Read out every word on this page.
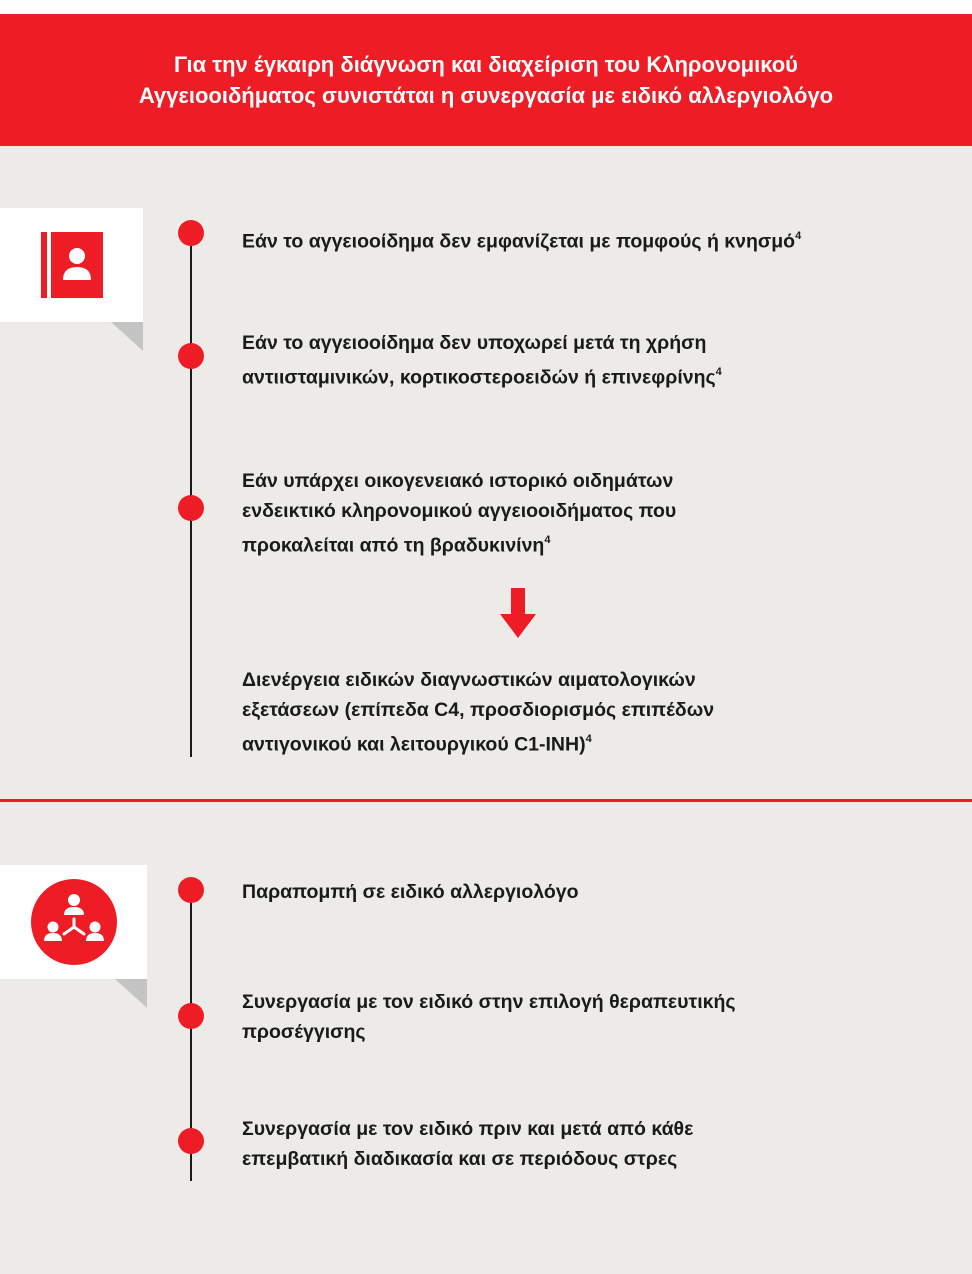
Για την έγκαιρη διάγνωση και διαχείριση του Κληρονομικού
Αγγειοοιδήματος συνιστάται η συνεργασία με ειδικό αλλεργιολόγο
Εάν το αγγειοοίδημα δεν εμφανίζεται με πομφούς ή κνησμό$^4$
Εάν το αγγειοοίδημα δεν υποχωρεί μετά τη χρήση
αντιισταμινικών, κορτικοστεροειδών ή επινεφρίνης$^4$
Εάν υπάρχει οικογενειακό ιστορικό οιδημάτων
ενδεικτικό κληρονομικού αγγειοοιδήματος που
προκαλείται από τη βραδυκινίνη$^4$
Διενέργεια ειδικών διαγνωστικών αιματολογικών
εξετάσεων (επίπεδα C4, προσδιορισμός επιπέδων
αντιγονικού και λειτουργικού C1-INH)$^4$
Παραπομπή σε ειδικό αλλεργιολόγο
Συνεργασία με τον ειδικό στην επιλογή θεραπευτικής
προσέγγισης
Συνεργασία με τον ειδικό πριν και μετά από κάθε
επεμβατική διαδικασία και σε περιόδους στρες
